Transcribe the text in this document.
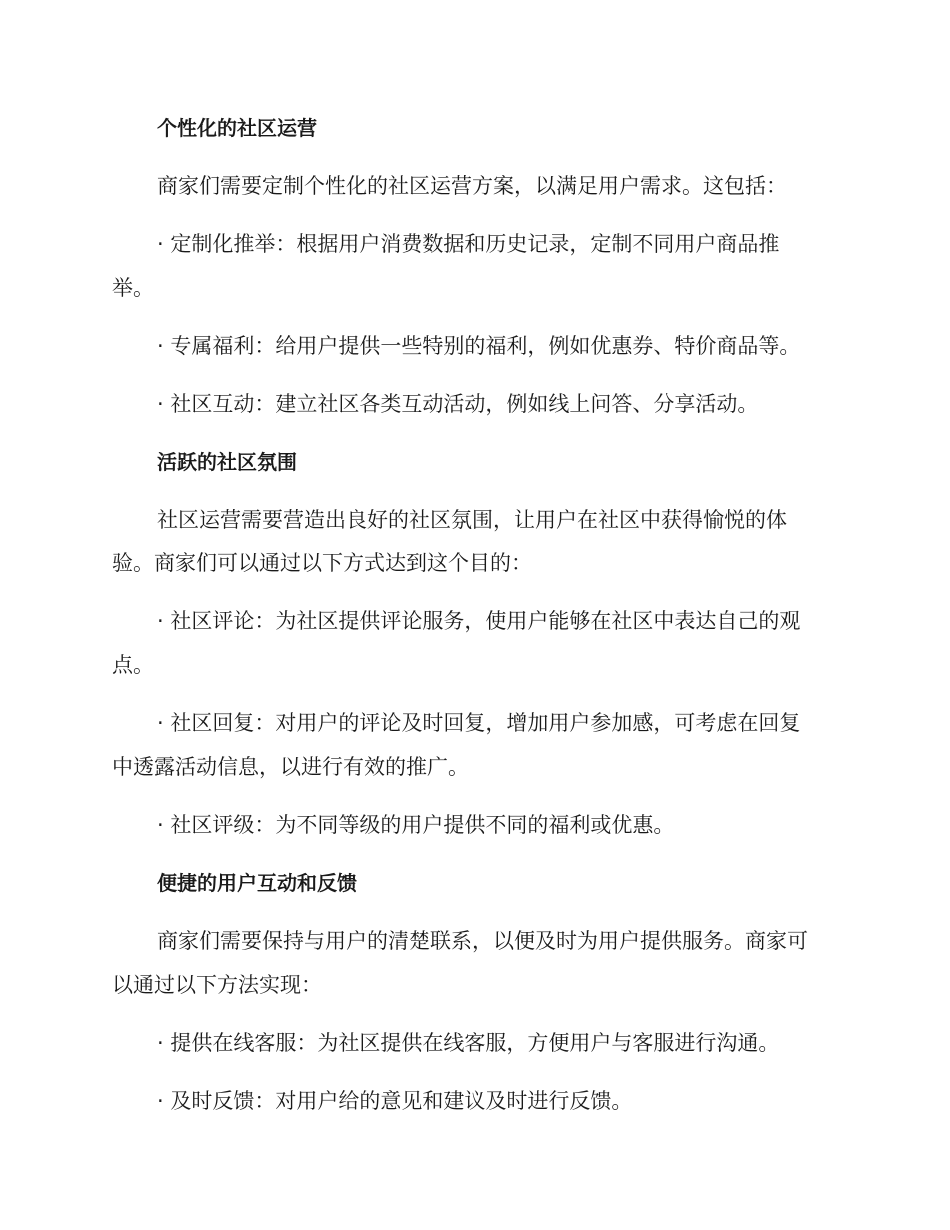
个性化的社区运营
商家们需要定制个性化的社区运营方案，以满足用户需求。这包括：
· 定制化推举：根据用户消费数据和历史记录，定制不同用户商品推
举。
· 专属福利：给用户提供一些特别的福利，例如优惠券、特价商品等。
· 社区互动：建立社区各类互动活动，例如线上问答、分享活动。
活跃的社区氛围
社区运营需要营造出良好的社区氛围，让用户在社区中获得愉悦的体
验。商家们可以通过以下方式达到这个目的：
· 社区评论：为社区提供评论服务，使用户能够在社区中表达自己的观
点。
· 社区回复：对用户的评论及时回复，增加用户参加感，可考虑在回复
中透露活动信息，以进行有效的推广。
· 社区评级：为不同等级的用户提供不同的福利或优惠。
便捷的用户互动和反馈
商家们需要保持与用户的清楚联系，以便及时为用户提供服务。商家可
以通过以下方法实现：
· 提供在线客服：为社区提供在线客服，方便用户与客服进行沟通。
· 及时反馈：对用户给的意见和建议及时进行反馈。
